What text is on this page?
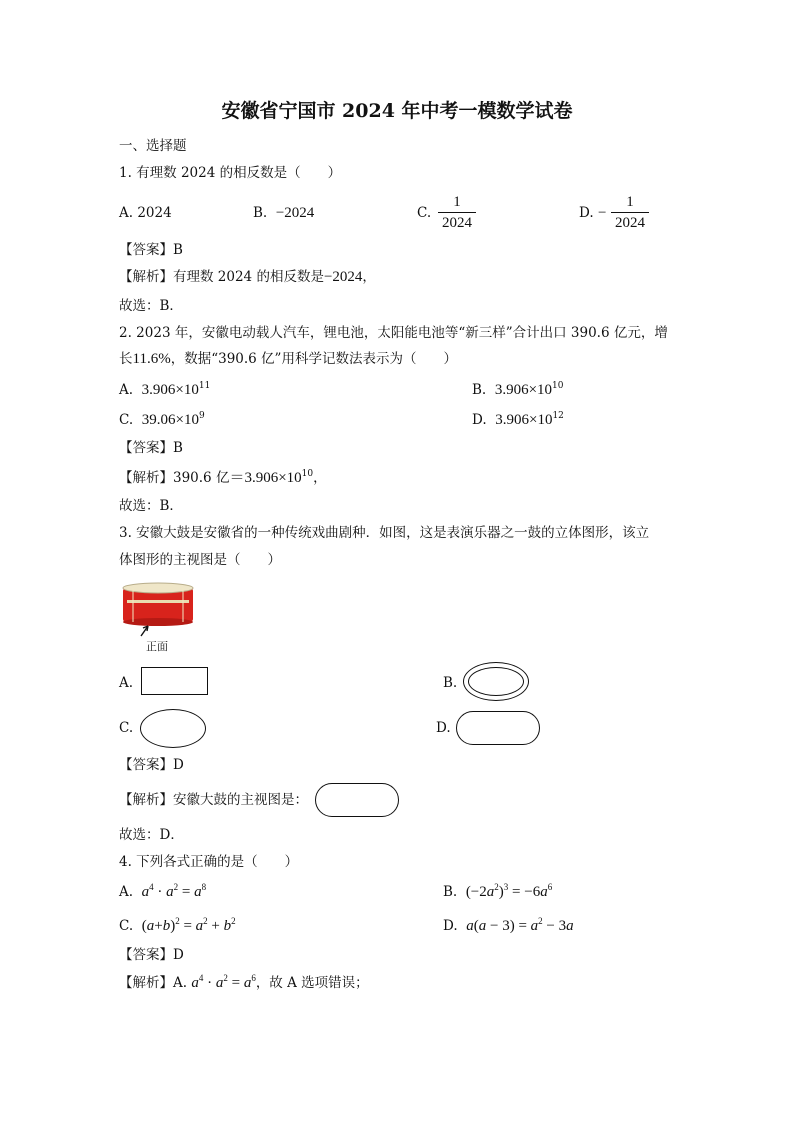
安徽省宁国市 2024 年中考一模数学试卷
一、选择题
1. 有理数 2024 的相反数是（　　）
A. 2024	B. −2024	C.
1
2024
D. −
1
2024
【答案】B
【解析】有理数 2024 的相反数是−2024，
故选：B．
2. 2023 年，安徽电动载人汽车，锂电池，太阳能电池等“新三样”合计出口 390.6 亿元，增
长11.6%，数据“390.6 亿”用科学记数法表示为（　　）
A. $3.906\times 10^{11}$	B. $3.906\times 10^{10}$
C. $39.06\times 10^9$	D. $3.906\times 10^{12}$
【答案】B
【解析】390.6 亿$=3.906\times 10^{10}$，
故选：B．
3. 安徽大鼓是安徽省的一种传统戏曲剧种．如图，这是表演乐器之一鼓的立体图形，该立
体图形的主视图是（　　）
正面
A.	B.
C.	D.
【答案】D
【解析】安徽大鼓的主视图是：
故选：D．
4. 下列各式正确的是（　　）
A. $a^4 \cdot a^2 = a^8$	B. $(-2a^2)^3 = -6a^6$
C. $(a+b)^2 = a^2 + b^2$	D. $a(a - 3) = a^2 - 3a$
【答案】D
【解析】A. $a^4 \cdot a^2 = a^6$，故 A 选项错误；
